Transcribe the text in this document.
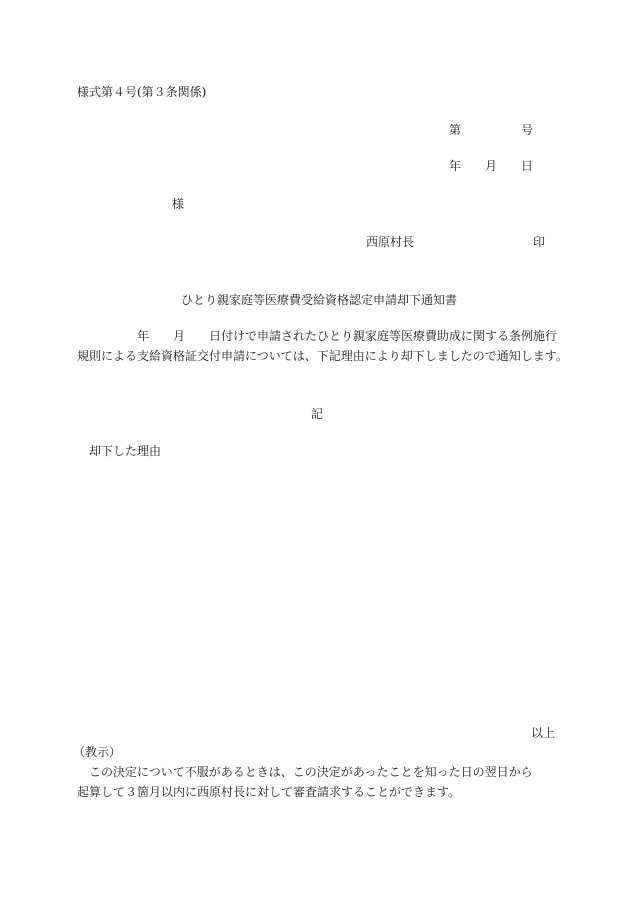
様式第４号(第３条関係)
第	号
年 月 日
様
西原村長	印
ひとり親家庭等医療費受給資格認定申請却下通知書
年 月 日付けで申請されたひとり親家庭等医療費助成に関する条例施行
規則による支給資格証交付申請については、下記理由により却下しましたので通知します。
記
却下した理由
以上
（教示）
この決定について不服があるときは、この決定があったことを知った日の翌日から
起算して３箇月以内に西原村長に対して審査請求することができます。
